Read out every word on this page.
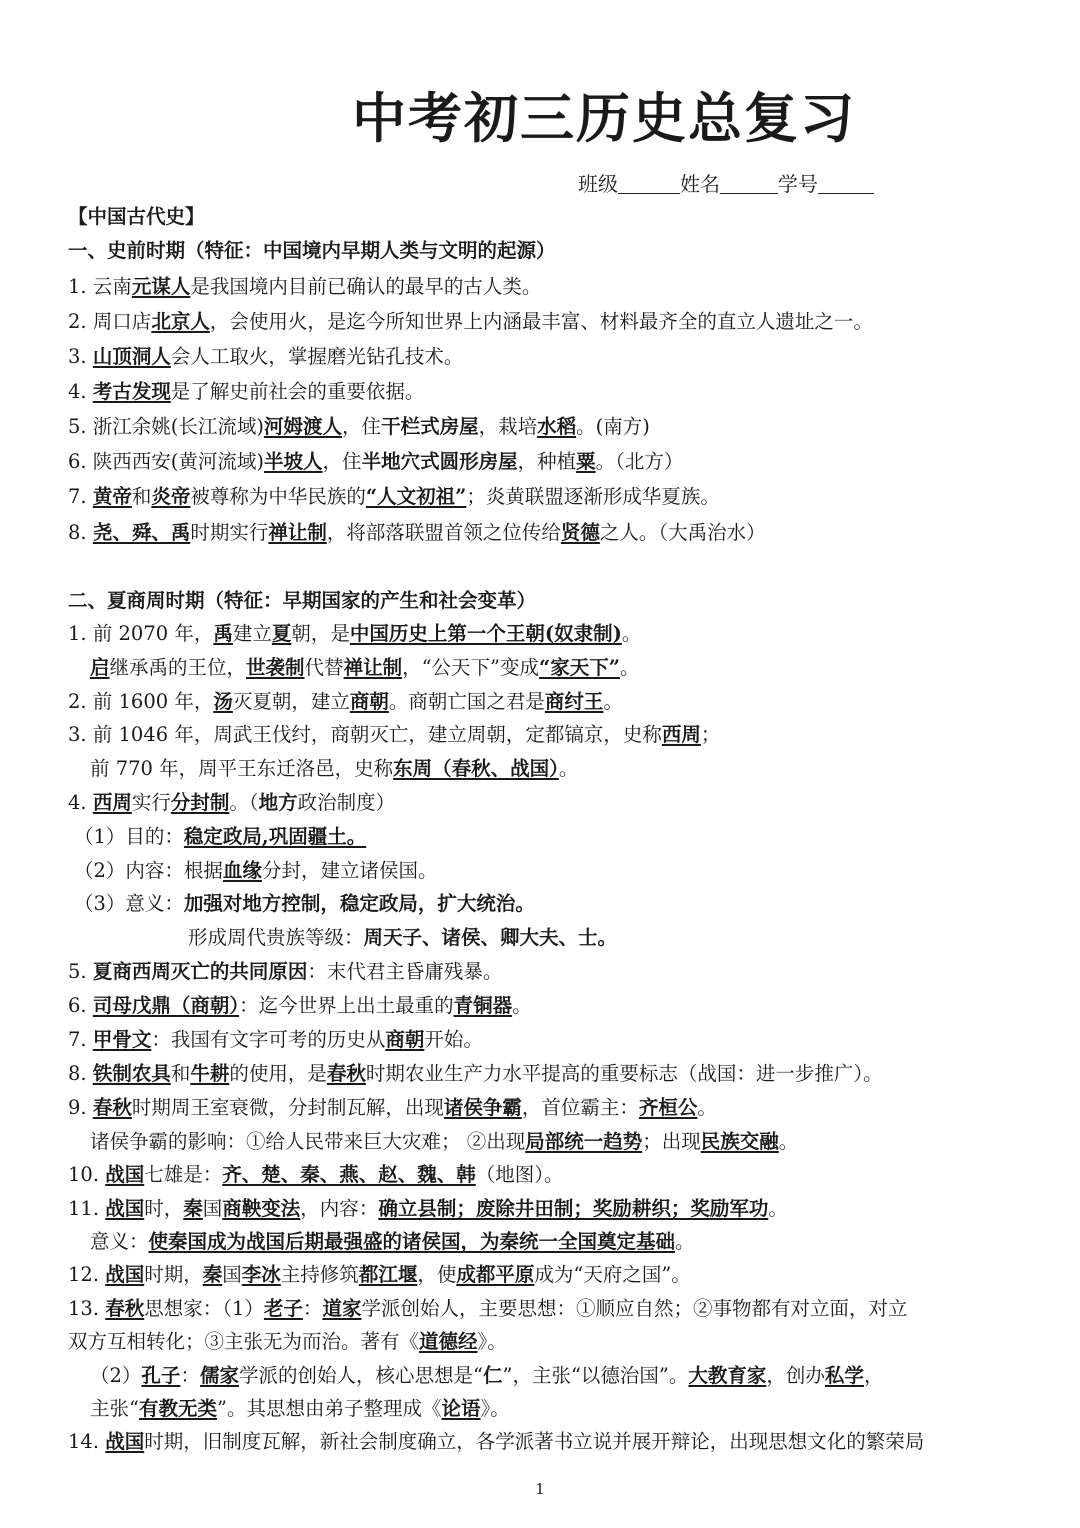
中考初三历史总复习
班级	姓名	学号
【中国古代史】
一、史前时期（特征：中国境内早期人类与文明的起源）
1. 云南元谋人是我国境内目前已确认的最早的古人类。
2. 周口店北京人，会使用火，是迄今所知世界上内涵最丰富、材料最齐全的直立人遗址之一。
3. 山顶洞人会人工取火，掌握磨光钻孔技术。
4. 考古发现是了解史前社会的重要依据。
5. 浙江余姚(长江流域)河姆渡人，住干栏式房屋，栽培水稻。(南方)
6. 陕西西安(黄河流域)半坡人，住半地穴式圆形房屋，种植粟。（北方）
7. 黄帝和炎帝被尊称为中华民族的“人文初祖”；炎黄联盟逐渐形成华夏族。
8. 尧、舜、禹时期实行禅让制，将部落联盟首领之位传给贤德之人。（大禹治水）
二、夏商周时期（特征：早期国家的产生和社会变革）
1. 前 2070 年，禹建立夏朝，是中国历史上第一个王朝(奴隶制)。
启继承禹的王位，世袭制代替禅让制，“公天下”变成“家天下”。
2. 前 1600 年，汤灭夏朝，建立商朝。商朝亡国之君是商纣王。
3. 前 1046 年，周武王伐纣，商朝灭亡，建立周朝，定都镐京，史称西周；
前 770 年，周平王东迁洛邑，史称东周（春秋、战国）。
4. 西周实行分封制。（地方政治制度）
（1）目的：稳定政局,巩固疆土。
（2）内容：根据血缘分封，建立诸侯国。
（3）意义：加强对地方控制，稳定政局，扩大统治。
形成周代贵族等级：周天子、诸侯、卿大夫、士。
5. 夏商西周灭亡的共同原因：末代君主昏庸残暴。
6. 司母戊鼎（商朝）：迄今世界上出土最重的青铜器。
7. 甲骨文：我国有文字可考的历史从商朝开始。
8. 铁制农具和牛耕的使用，是春秋时期农业生产力水平提高的重要标志（战国：进一步推广）。
9. 春秋时期周王室衰微，分封制瓦解，出现诸侯争霸，首位霸主：齐桓公。
诸侯争霸的影响：①给人民带来巨大灾难； ②出现局部统一趋势；出现民族交融。
10. 战国七雄是：齐、楚、秦、燕、赵、魏、韩（地图）。
11. 战国时，秦国商鞅变法，内容：确立县制；废除井田制；奖励耕织；奖励军功。
意义：使秦国成为战国后期最强盛的诸侯国，为秦统一全国奠定基础。
12. 战国时期，秦国李冰主持修筑都江堰，使成都平原成为“天府之国”。
13. 春秋思想家：（1）老子：道家学派创始人，主要思想：①顺应自然；②事物都有对立面，对立
双方互相转化；③主张无为而治。著有《道德经》。
（2）孔子：儒家学派的创始人，核心思想是“仁”，主张“以德治国”。大教育家，创办私学，
主张“有教无类”。其思想由弟子整理成《论语》。
14. 战国时期，旧制度瓦解，新社会制度确立，各学派著书立说并展开辩论，出现思想文化的繁荣局
1
